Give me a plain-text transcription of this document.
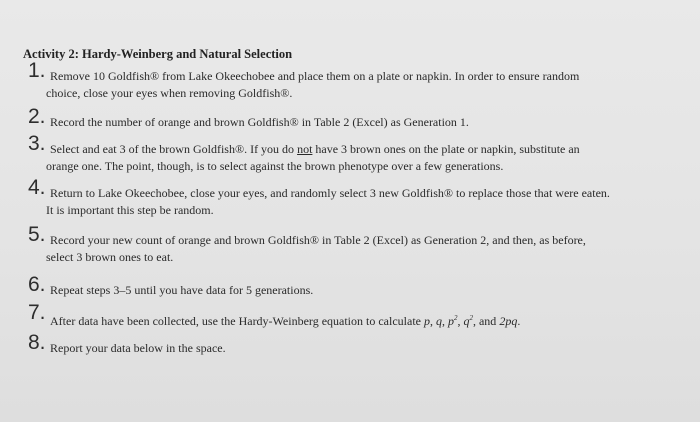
Activity 2: Hardy-Weinberg and Natural Selection
1. Remove 10 Goldfish® from Lake Okeechobee and place them on a plate or napkin. In order to ensure random
choice, close your eyes when removing Goldfish®.
2. Record the number of orange and brown Goldfish® in Table 2 (Excel) as Generation 1.
3. Select and eat 3 of the brown Goldfish®. If you do not have 3 brown ones on the plate or napkin, substitute an
orange one. The point, though, is to select against the brown phenotype over a few generations.
4. Return to Lake Okeechobee, close your eyes, and randomly select 3 new Goldfish® to replace those that were eaten.
It is important this step be random.
5. Record your new count of orange and brown Goldfish® in Table 2 (Excel) as Generation 2, and then, as before,
select 3 brown ones to eat.
6. Repeat steps 3–5 until you have data for 5 generations.
7. After data have been collected, use the Hardy-Weinberg equation to calculate p, q, $p^2$, $q^2$, and 2pq.
8. Report your data below in the space.
